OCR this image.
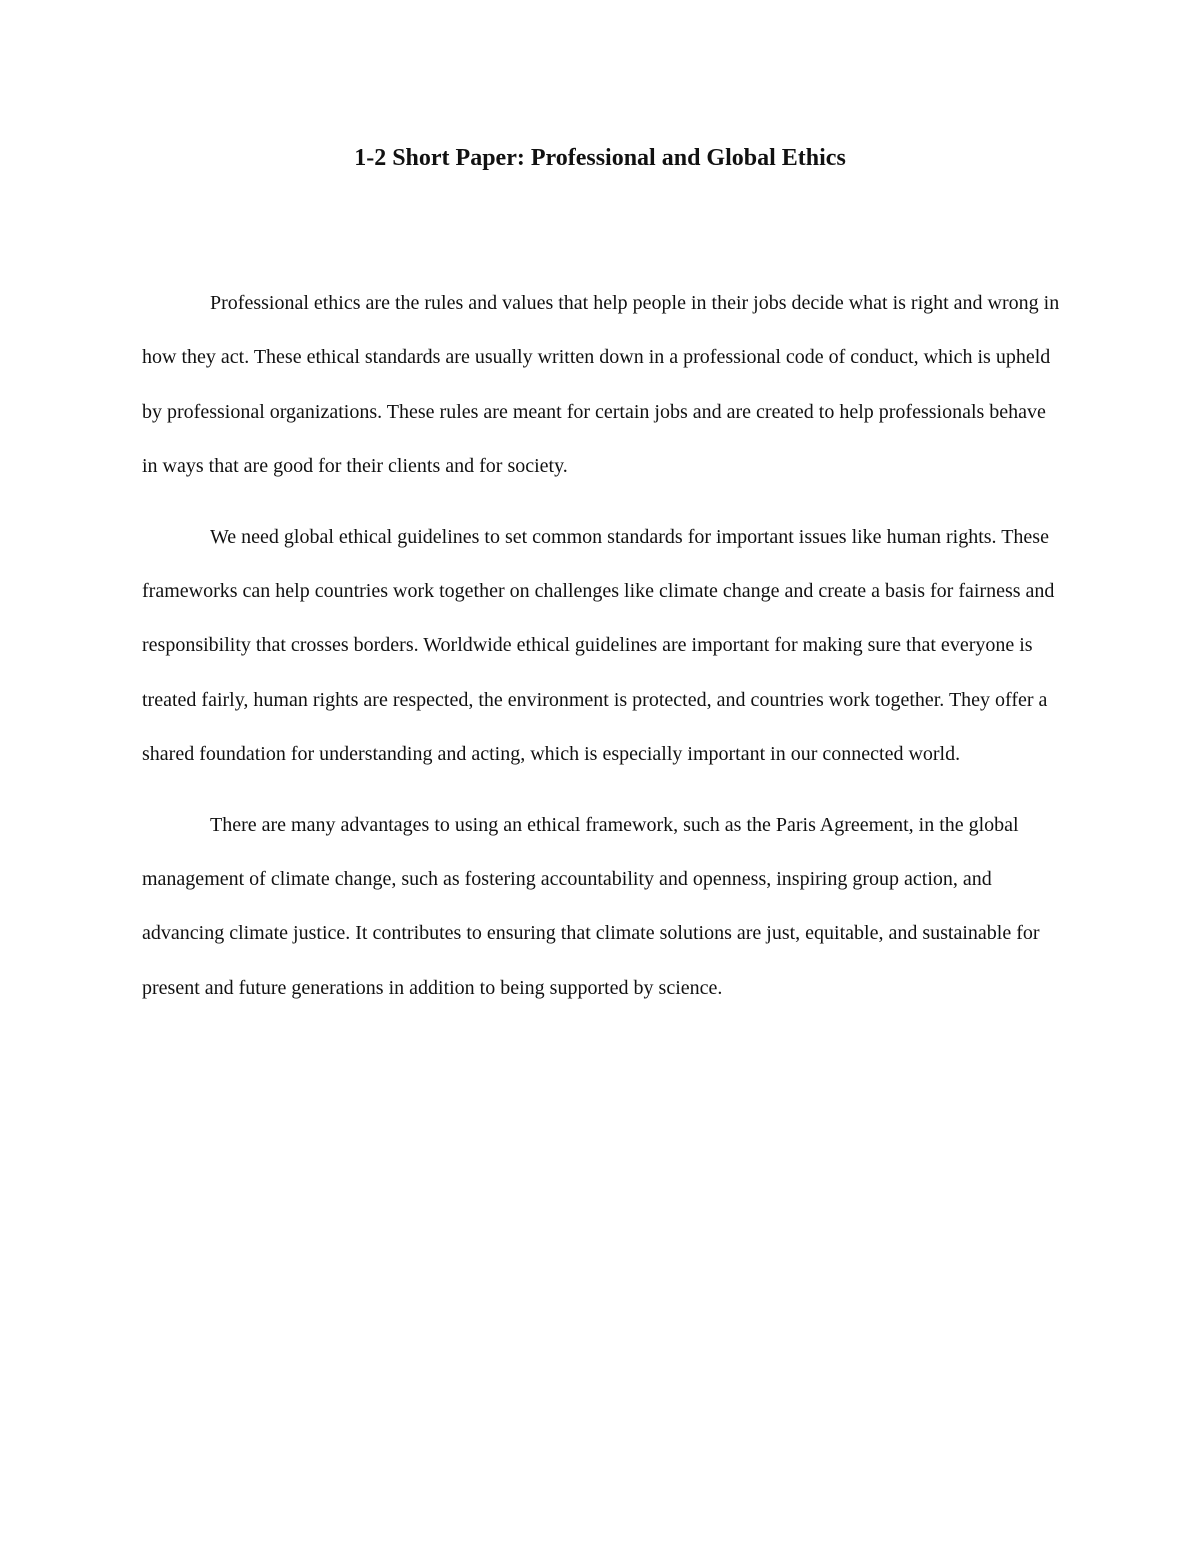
1-2 Short Paper: Professional and Global Ethics

Professional ethics are the rules and values that help people in their jobs decide what is right and wrong in how they act. These ethical standards are usually written down in a professional code of conduct, which is upheld by professional organizations. These rules are meant for certain jobs and are created to help professionals behave in ways that are good for their clients and for society.

We need global ethical guidelines to set common standards for important issues like human rights. These frameworks can help countries work together on challenges like climate change and create a basis for fairness and responsibility that crosses borders. Worldwide ethical guidelines are important for making sure that everyone is treated fairly, human rights are respected, the environment is protected, and countries work together. They offer a shared foundation for understanding and acting, which is especially important in our connected world.

There are many advantages to using an ethical framework, such as the Paris Agreement, in the global management of climate change, such as fostering accountability and openness, inspiring group action, and advancing climate justice. It contributes to ensuring that climate solutions are just, equitable, and sustainable for present and future generations in addition to being supported by science.
